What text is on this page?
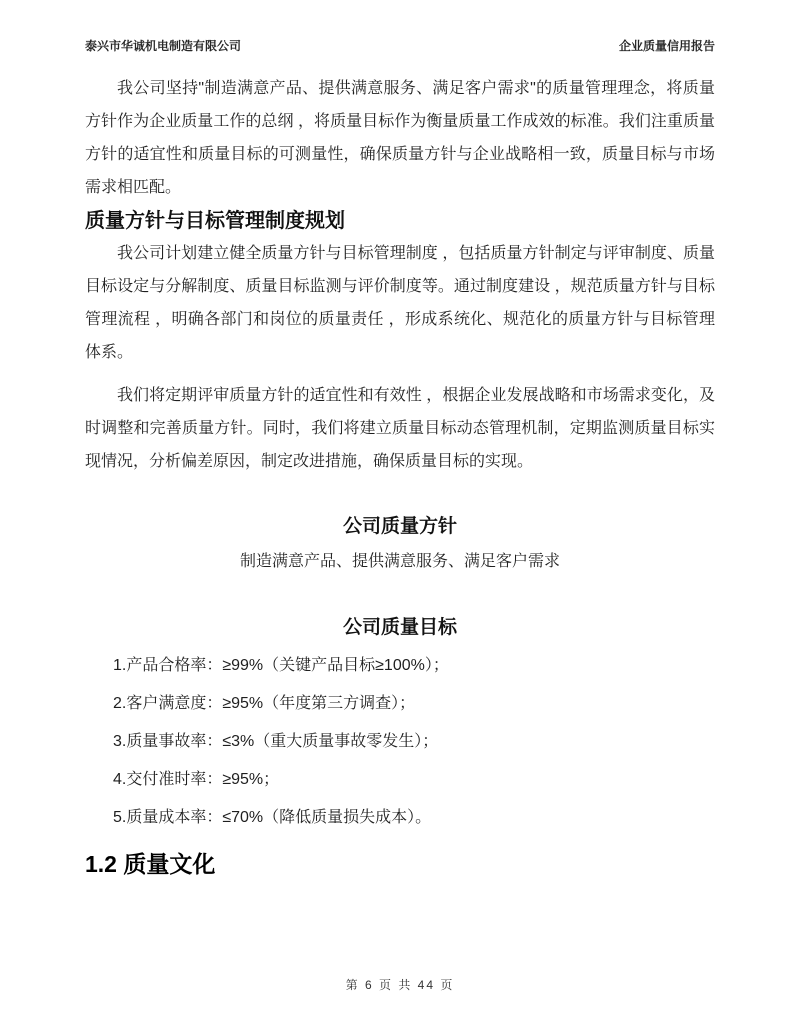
泰兴市华诚机电制造有限公司	企业质量信用报告

我公司坚持"制造满意产品、提供满意服务、满足客户需求"的质量管理理念，将质量方针作为企业质量工作的总纲 ，将质量目标作为衡量质量工作成效的标准。我们注重质量方针的适宜性和质量目标的可测量性，确保质量方针与企业战略相一致，质量目标与市场需求相匹配。

质量方针与目标管理制度规划

我公司计划建立健全质量方针与目标管理制度 ，包括质量方针制定与评审制度、质量目标设定与分解制度、质量目标监测与评价制度等。通过制度建设 ，规范质量方针与目标管理流程 ，明确各部门和岗位的质量责任 ，形成系统化、规范化的质量方针与目标管理体系。

我们将定期评审质量方针的适宜性和有效性 ，根据企业发展战略和市场需求变化，及时调整和完善质量方针。同时，我们将建立质量目标动态管理机制，定期监测质量目标实现情况，分析偏差原因，制定改进措施，确保质量目标的实现。

公司质量方针

制造满意产品、提供满意服务、满足客户需求

公司质量目标

1.产品合格率：≥99%（关键产品目标≥100%）；

2.客户满意度：≥95%（年度第三方调查）；

3.质量事故率：≤3%（重大质量事故零发生）；

4.交付准时率：≥95%；

5.质量成本率：≤70%（降低质量损失成本）。

1.2 质量文化
第 6 页 共 44 页
